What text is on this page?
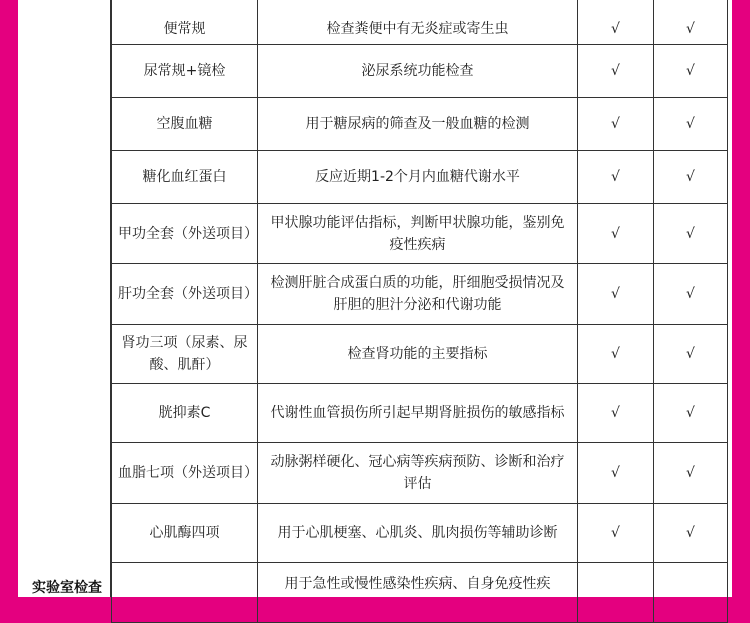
实验室检查
便常规	检查粪便中有无炎症或寄生虫	√	√
尿常规+镜检	泌尿系统功能检查	√	√
空腹血糖	用于糖尿病的筛查及一般血糖的检测	√	√
糖化血红蛋白	反应近期1-2个月内血糖代谢水平	√	√
甲功全套（外送项目）	甲状腺功能评估指标，判断甲状腺功能，鉴别免疫性疾病	√	√
肝功全套（外送项目）	检测肝脏合成蛋白质的功能，肝细胞受损情况及肝胆的胆汁分泌和代谢功能	√	√
肾功三项（尿素、尿酸、肌酐）	检查肾功能的主要指标	√	√
胱抑素C	代谢性血管损伤所引起早期肾脏损伤的敏感指标	√	√
血脂七项（外送项目）	动脉粥样硬化、冠心病等疾病预防、诊断和治疗评估	√	√
心肌酶四项	用于心肌梗塞、心肌炎、肌肉损伤等辅助诊断	√	√
	用于急性或慢性感染性疾病、自身免疫性疾		
